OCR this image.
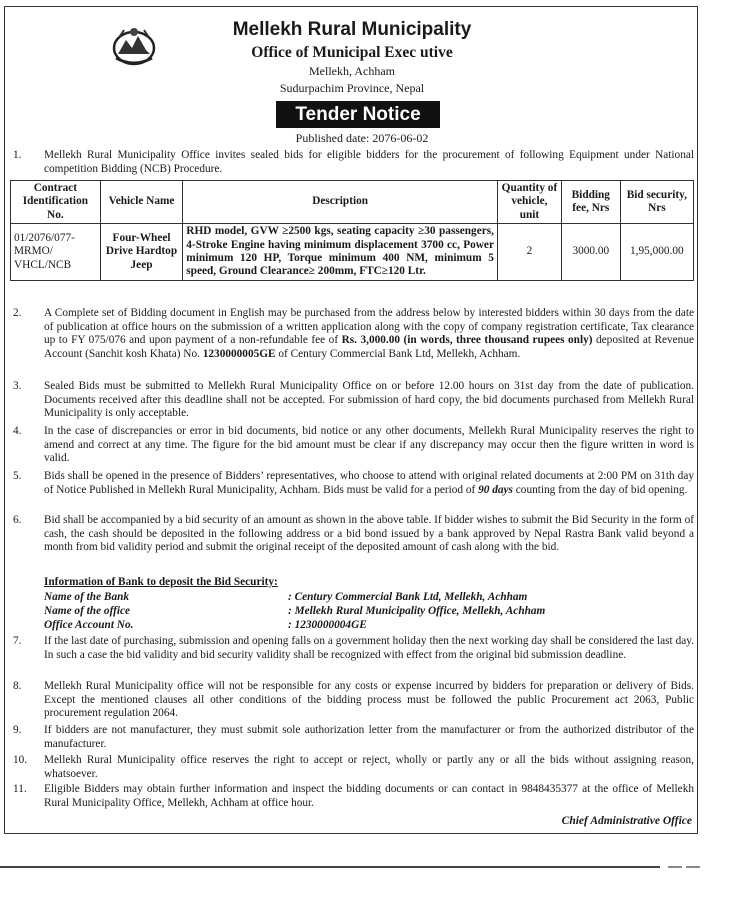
Mellekh Rural Municipality
Office of Municipal Exec utive
Mellekh, Achham
Sudurpachim Province, Nepal
Tender Notice
Published date: 2076-06-02
1. Mellekh Rural Municipality Office invites sealed bids for eligible bidders for the procurement of following Equipment under National competition Bidding (NCB) Procedure.
Contract Identification No.	Vehicle Name	Description	Quantity of vehicle, unit	Bidding fee, Nrs	Bid security, Nrs
01/2076/077-MRMO/ VHCL/NCB	Four-Wheel Drive Hardtop Jeep	RHD model, GVW ≥2500 kgs, seating capacity ≥30 passengers, 4-Stroke Engine having minimum displacement 3700 cc, Power minimum 120 HP, Torque minimum 400 NM, minimum 5 speed, Ground Clearance≥ 200mm, FTC≥120 Ltr.	2	3000.00	1,95,000.00
2. A Complete set of Bidding document in English may be purchased from the address below by interested bidders within 30 days from the date of publication at office hours on the submission of a written application along with the copy of company registration certificate, Tax clearance up to FY 075/076 and upon payment of a non-refundable fee of Rs. 3,000.00 (in words, three thousand rupees only) deposited at Revenue Account (Sanchit kosh Khata) No. 1230000005GE of Century Commercial Bank Ltd, Mellekh, Achham.
3. Sealed Bids must be submitted to Mellekh Rural Municipality Office on or before 12.00 hours on 31st day from the date of publication. Documents received after this deadline shall not be accepted. For submission of hard copy, the bid documents purchased from Mellekh Rural Municipality is only acceptable.
4. In the case of discrepancies or error in bid documents, bid notice or any other documents, Mellekh Rural Municipality reserves the right to amend and correct at any time. The figure for the bid amount must be clear if any discrepancy may occur then the figure written in word is valid.
5. Bids shall be opened in the presence of Bidders’ representatives, who choose to attend with original related documents at 2:00 PM on 31th day of Notice Published in Mellekh Rural Municipality, Achham. Bids must be valid for a period of 90 days counting from the day of bid opening.
6. Bid shall be accompanied by a bid security of an amount as shown in the above table. If bidder wishes to submit the Bid Security in the form of cash, the cash should be deposited in the following address or a bid bond issued by a bank approved by Nepal Rastra Bank valid beyond a month from bid validity period and submit the original receipt of the deposited amount of cash along with the bid.
Information of Bank to deposit the Bid Security:
Name of the Bank	: Century Commercial Bank Ltd, Mellekh, Achham
Name of the office	: Mellekh Rural Municipality Office, Mellekh, Achham
Office Account No.	: 1230000004GE
7. If the last date of purchasing, submission and opening falls on a government holiday then the next working day shall be considered the last day. In such a case the bid validity and bid security validity shall be recognized with effect from the original bid submission deadline.
8. Mellekh Rural Municipality office will not be responsible for any costs or expense incurred by bidders for preparation or delivery of Bids. Except the mentioned clauses all other conditions of the bidding process must be followed the public Procurement act 2063, Public procurement regulation 2064.
9. If bidders are not manufacturer, they must submit sole authorization letter from the manufacturer or from the authorized distributor of the manufacturer.
10. Mellekh Rural Municipality office reserves the right to accept or reject, wholly or partly any or all the bids without assigning reason, whatsoever.
11. Eligible Bidders may obtain further information and inspect the bidding documents or can contact in 9848435377 at the office of Mellekh Rural Municipality Office, Mellekh, Achham at office hour.
Chief Administrative Office
